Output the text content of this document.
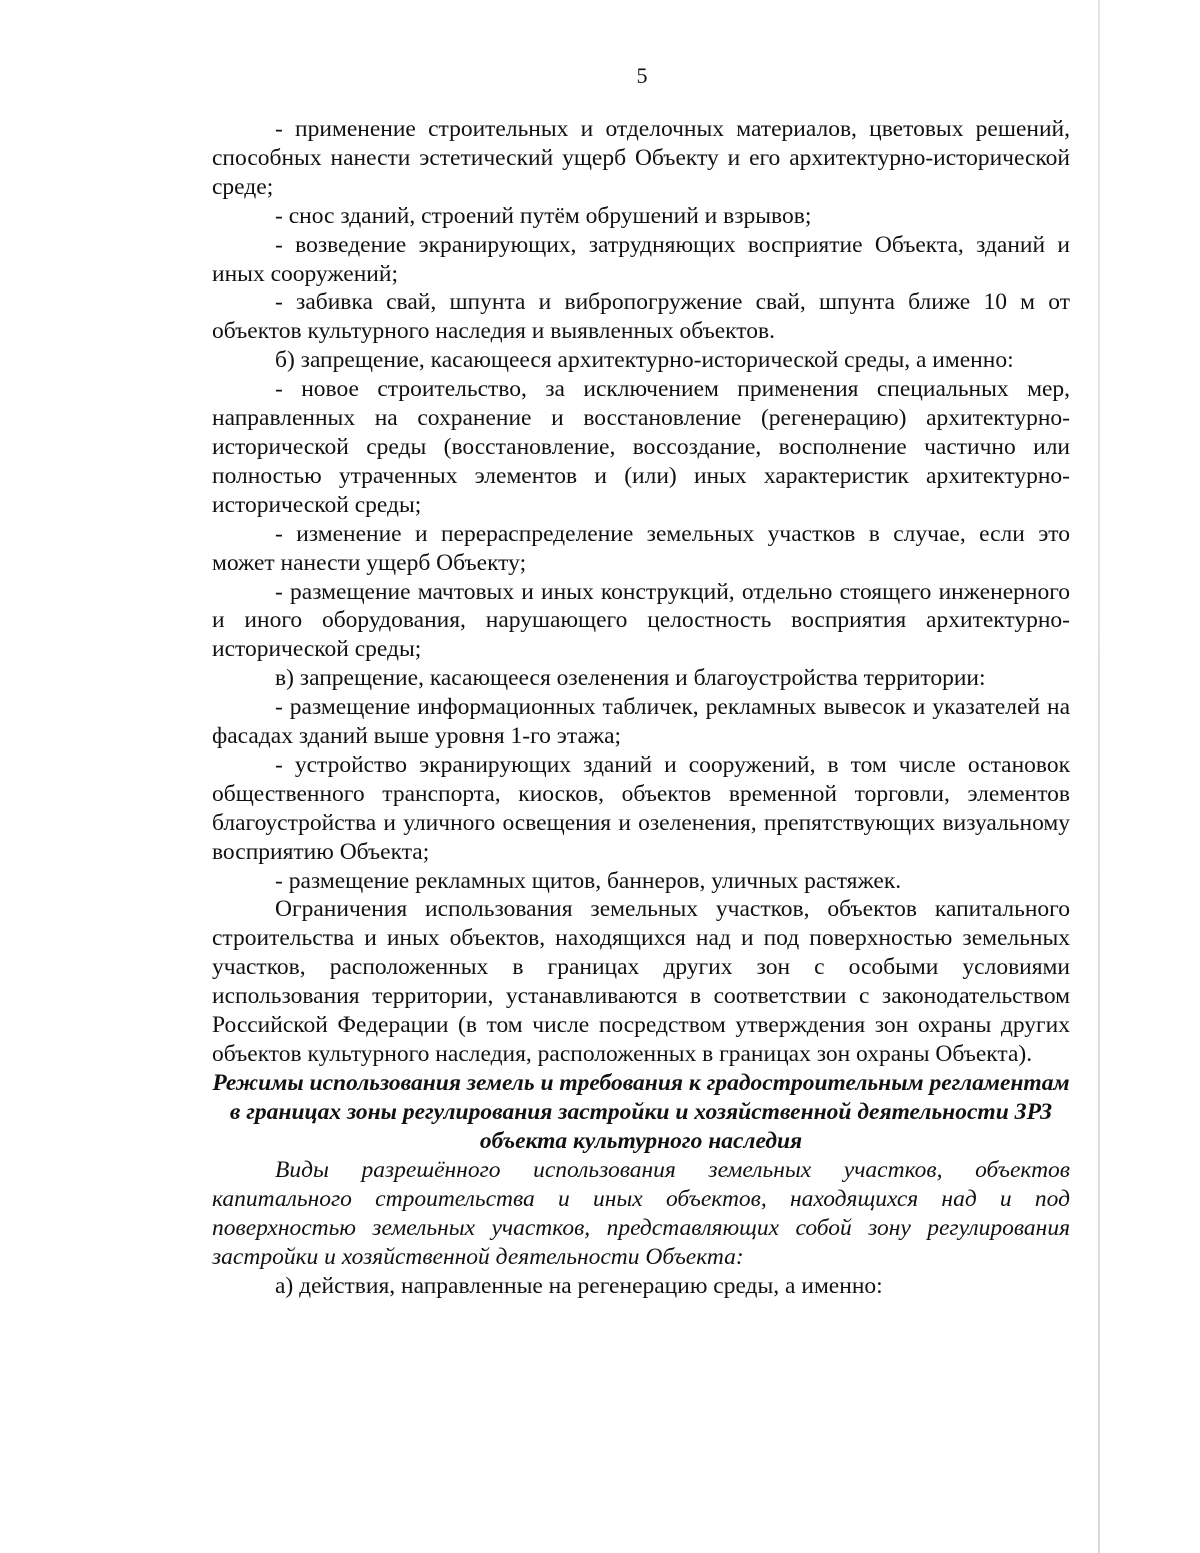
5

- применение строительных и отделочных материалов, цветовых решений, способных нанести эстетический ущерб Объекту и его архитектурно-исторической среде;

- снос зданий, строений путём обрушений и взрывов;

- возведение экранирующих, затрудняющих восприятие Объекта, зданий и иных сооружений;

- забивка свай, шпунта и вибропогружение свай, шпунта ближе 10 м от объектов культурного наследия и выявленных объектов.

б) запрещение, касающееся архитектурно-исторической среды, а именно:

- новое строительство, за исключением применения специальных мер, направленных на сохранение и восстановление (регенерацию) архитектурно-исторической среды (восстановление, воссоздание, восполнение частично или полностью утраченных элементов и (или) иных характеристик архитектурно-исторической среды;

- изменение и перераспределение земельных участков в случае, если это может нанести ущерб Объекту;

- размещение мачтовых и иных конструкций, отдельно стоящего инженерного и иного оборудования, нарушающего целостность восприятия архитектурно-исторической среды;

в) запрещение, касающееся озеленения и благоустройства территории:

- размещение информационных табличек, рекламных вывесок и указателей на фасадах зданий выше уровня 1-го этажа;

- устройство экранирующих зданий и сооружений, в том числе остановок общественного транспорта, киосков, объектов временной торговли, элементов благоустройства и уличного освещения и озеленения, препятствующих визуальному восприятию Объекта;

- размещение рекламных щитов, баннеров, уличных растяжек.

Ограничения использования земельных участков, объектов капитального строительства и иных объектов, находящихся над и под поверхностью земельных участков, расположенных в границах других зон с особыми условиями использования территории, устанавливаются в соответствии с законодательством Российской Федерации (в том числе посредством утверждения зон охраны других объектов культурного наследия, расположенных в границах зон охраны Объекта).

Режимы использования земель и требования к градостроительным регламентам в границах зоны регулирования застройки и хозяйственной деятельности ЗРЗ объекта культурного наследия

Виды разрешённого использования земельных участков, объектов капитального строительства и иных объектов, находящихся над и под поверхностью земельных участков, представляющих собой зону регулирования застройки и хозяйственной деятельности Объекта:

а) действия, направленные на регенерацию среды, а именно:
